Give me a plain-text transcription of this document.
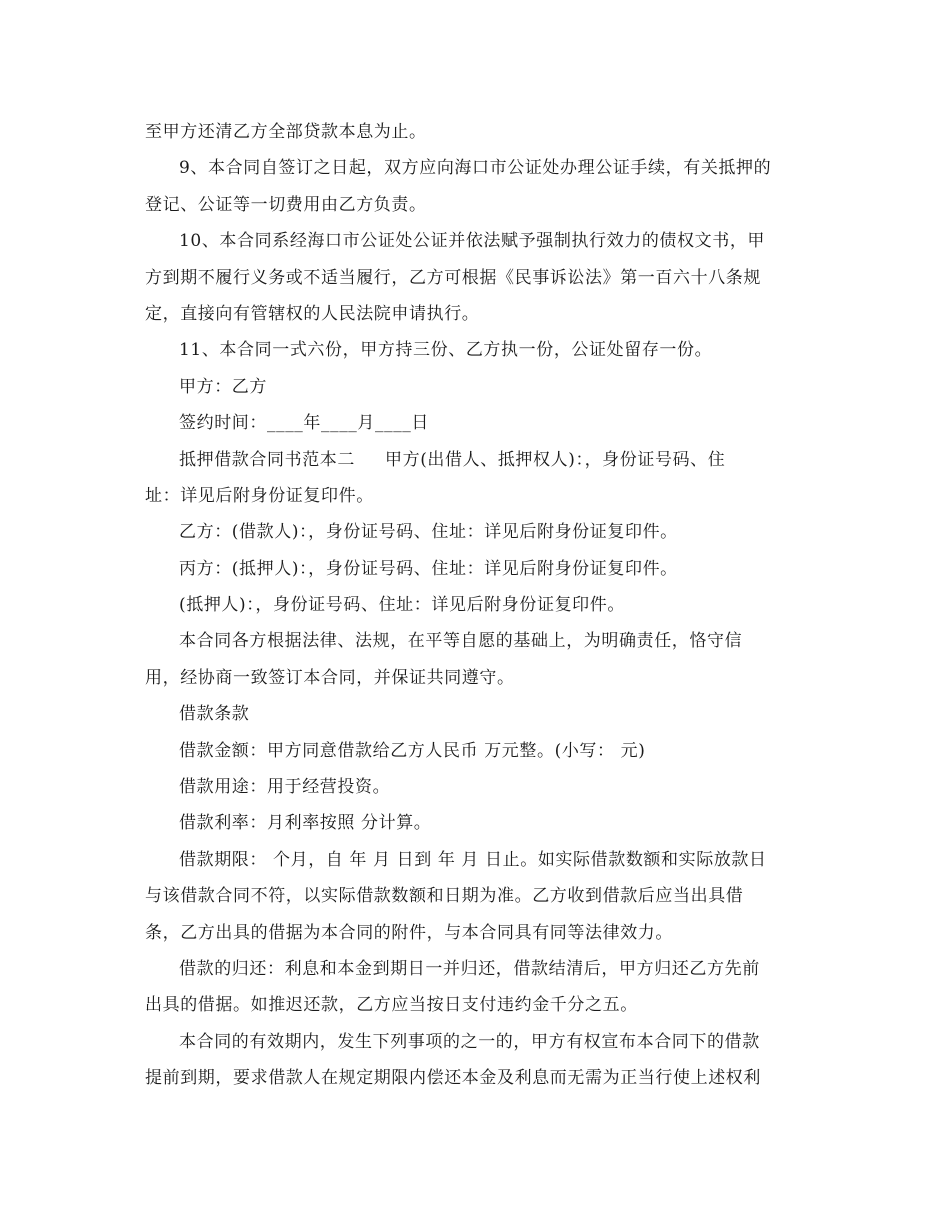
至甲方还清乙方全部贷款本息为止。
9、本合同自签订之日起，双方应向海口市公证处办理公证手续，有关抵押的
登记、公证等一切费用由乙方负责。
10、本合同系经海口市公证处公证并依法赋予强制执行效力的债权文书，甲
方到期不履行义务或不适当履行，乙方可根据《民事诉讼法》第一百六十八条规
定，直接向有管辖权的人民法院申请执行。
11、本合同一式六份，甲方持三份、乙方执一份，公证处留存一份。
甲方：乙方
签约时间：____年____月____日
抵押借款合同书范本二 甲方(出借人、抵押权人)：，身份证号码、住
址：详见后附身份证复印件。
乙方：(借款人)：，身份证号码、住址：详见后附身份证复印件。
丙方：(抵押人)：，身份证号码、住址：详见后附身份证复印件。
(抵押人)：，身份证号码、住址：详见后附身份证复印件。
本合同各方根据法律、法规，在平等自愿的基础上，为明确责任，恪守信
用，经协商一致签订本合同，并保证共同遵守。
借款条款
借款金额：甲方同意借款给乙方人民币 万元整。(小写： 元)
借款用途：用于经营投资。
借款利率：月利率按照 分计算。
借款期限： 个月，自 年 月 日到 年 月 日止。如实际借款数额和实际放款日
与该借款合同不符，以实际借款数额和日期为准。乙方收到借款后应当出具借
条，乙方出具的借据为本合同的附件，与本合同具有同等法律效力。
借款的归还：利息和本金到期日一并归还，借款结清后，甲方归还乙方先前
出具的借据。如推迟还款，乙方应当按日支付违约金千分之五。
本合同的有效期内，发生下列事项的之一的，甲方有权宣布本合同下的借款
提前到期，要求借款人在规定期限内偿还本金及利息而无需为正当行使上述权利
